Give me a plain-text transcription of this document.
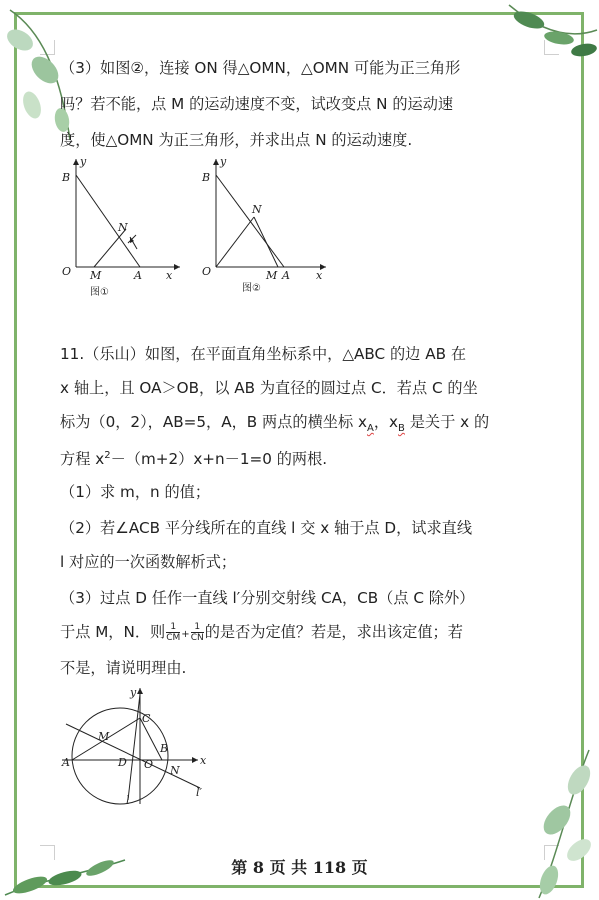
（3）如图②，连接 ON 得△OMN，△OMN 可能为正三角形
吗？若不能，点 M 的运动速度不变，试改变点 N 的运动速
度，使△OMN 为正三角形，并求出点 N 的运动速度.
y
B
N
O M	A x
图①
y
B
N
O	M A x
图②
11.（乐山）如图，在平面直角坐标系中，△ABC 的边 AB 在
x 轴上，且 OA＞OB，以 AB 为直径的圆过点 C．若点 C 的坐
标为（0，2），AB=5，A，B 两点的横坐标 $x_A$，$x_B$ 是关于 x 的
方程 $x^2-(m+2)x+n-1=0$ 的两根.
（1）求 m，n 的值；
（2）若∠ACB 平分线所在的直线 l 交 x 轴于点 D，试求直线
l 对应的一次函数解析式；
（3）过点 D 任作一直线 l′分别交射线 CA，CB（点 C 除外）
于点 M，N．则 $\frac{1}{CM} + \frac{1}{CN}$ 的是否为定值？若是，求出该定值；若
不是，请说明理由.
y
C
M
B
A	D O N
x
l
l′
第 8 页 共 118 页
